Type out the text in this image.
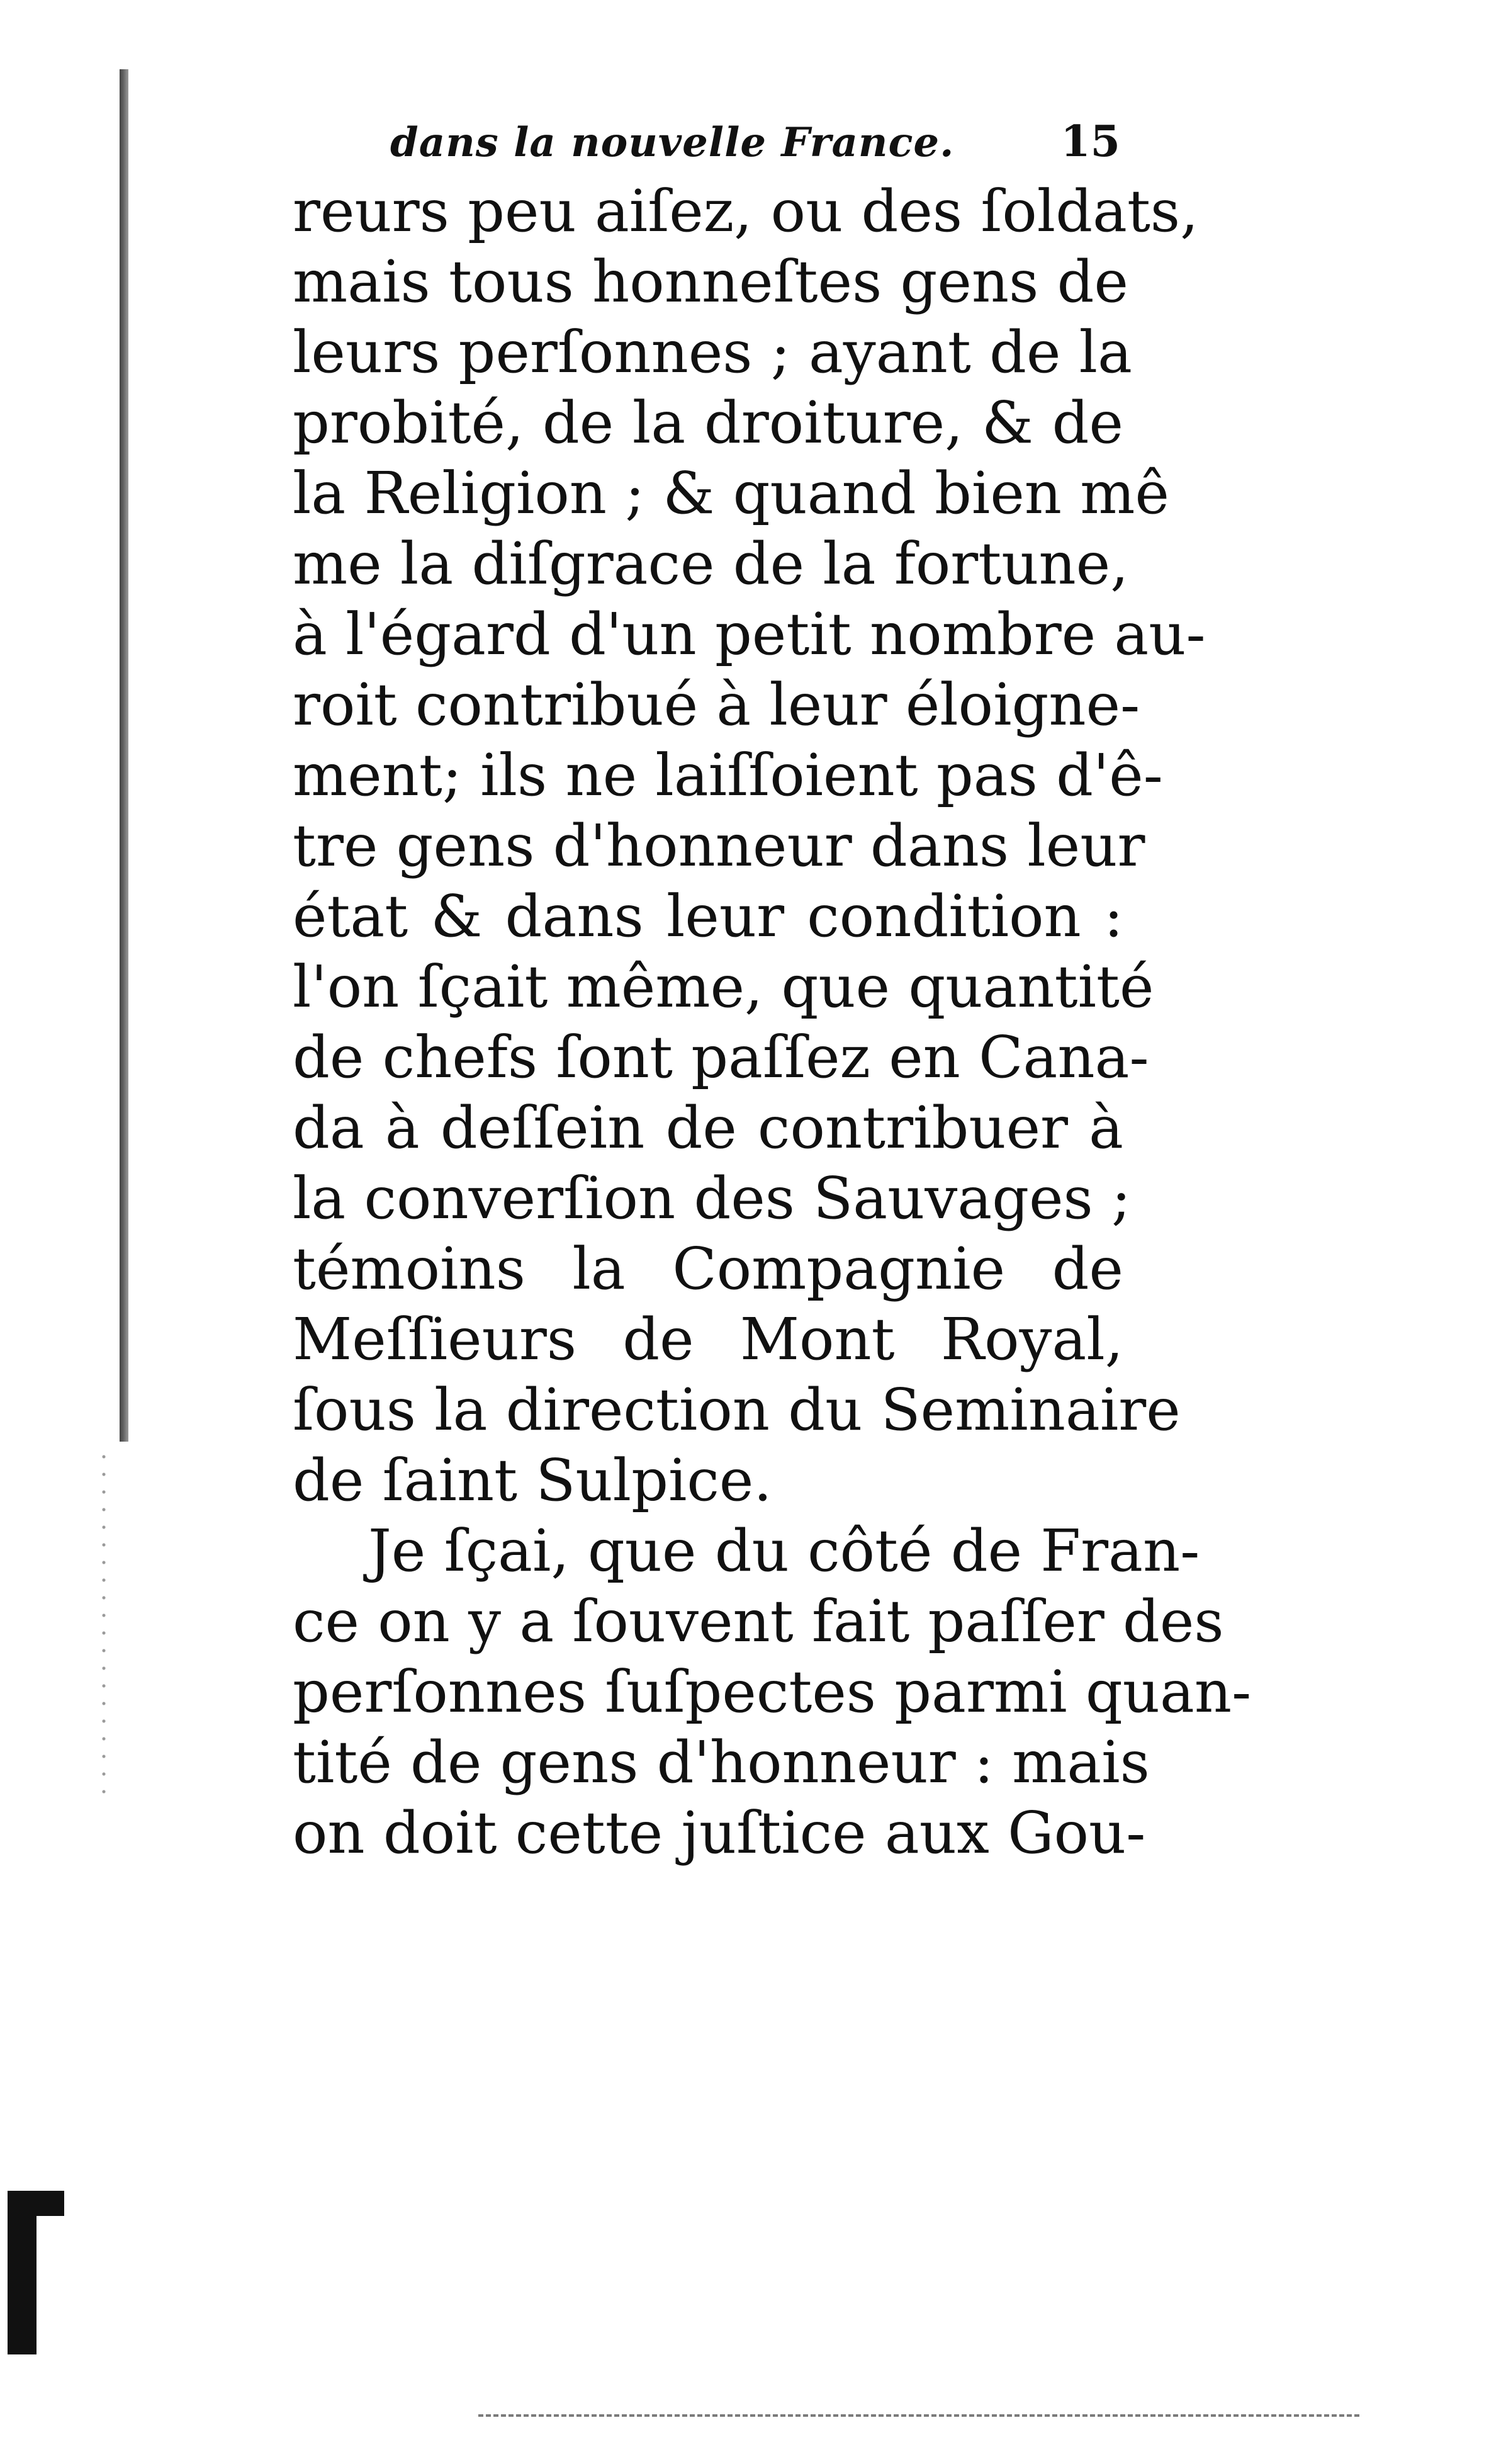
dans la nouvelle France. 15
reurs peu aiſez, ou des ſoldats,
mais tous honneſtes gens de
leurs perſonnes ; ayant de la
probité, de la droiture, & de
la Religion ; & quand bien mê
me la diſgrace de la fortune,
à l'égard d'un petit nombre au-
roit contribué à leur éloigne-
ment; ils ne laiſſoient pas d'ê-
tre gens d'honneur dans leur
état & dans leur condition :
l'on ſçait même, que quantité
de chefs ſont paſſez en Cana-
da à deſſein de contribuer à
la converſion des Sauvages ;
témoins la Compagnie de
Meſſieurs de Mont Royal,
ſous la direction du Seminaire
de ſaint Sulpice.
Je ſçai, que du côté de Fran-
ce on y a ſouvent fait paſſer des
perſonnes ſuſpectes parmi quan-
tité de gens d'honneur : mais
on doit cette juſtice aux Gou-
